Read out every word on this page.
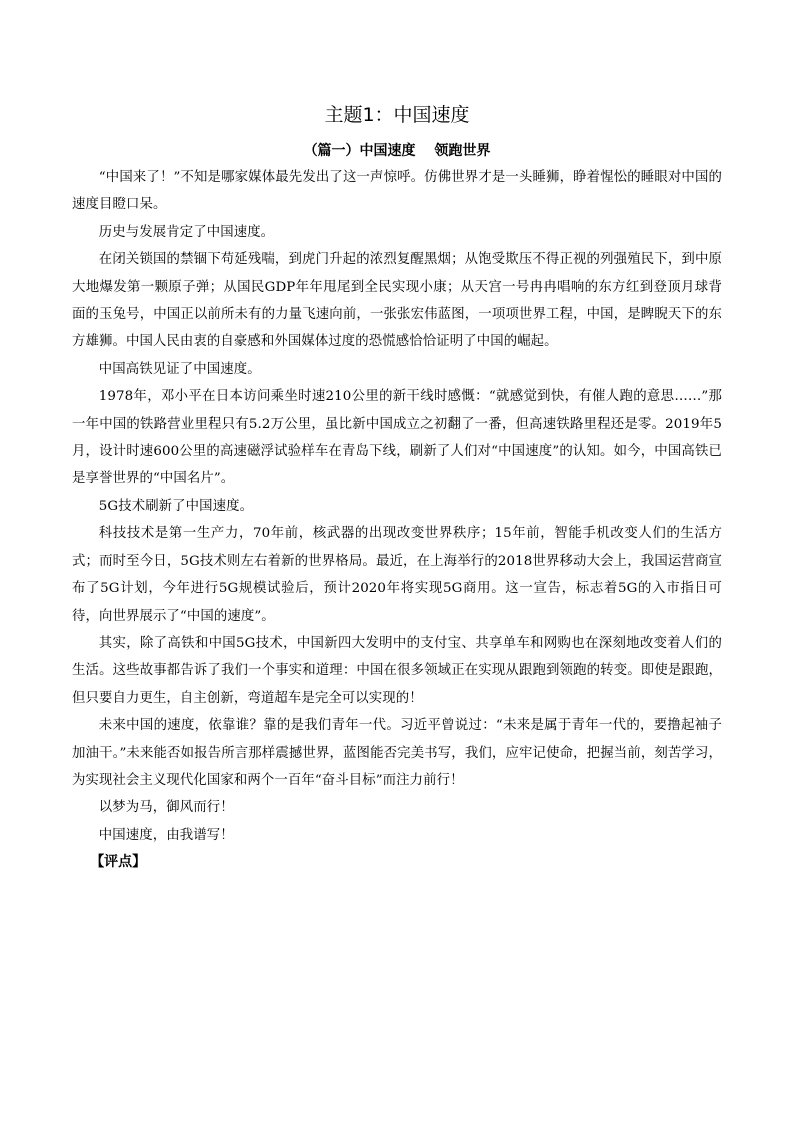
主题1：中国速度
（篇一）中国速度　 领跑世界

“中国来了！”不知是哪家媒体最先发出了这一声惊呼。仿佛世界才是一头睡狮，睁着惺忪的睡眼对中国的速度目瞪口呆。

历史与发展肯定了中国速度。

在闭关锁国的禁锢下苟延残喘，到虎门升起的浓烈复醒黑烟；从饱受欺压不得正视的列强殖民下，到中原大地爆发第一颗原子弹；从国民GDP年年甩尾到全民实现小康；从天宫一号冉冉唱响的东方红到登顶月球背面的玉兔号，中国正以前所未有的力量飞速向前，一张张宏伟蓝图，一项项世界工程，中国，是睥睨天下的东方雄狮。中国人民由衷的自豪感和外国媒体过度的恐慌感恰恰证明了中国的崛起。

中国高铁见证了中国速度。

1978年，邓小平在日本访问乘坐时速210公里的新干线时感慨：“就感觉到快，有催人跑的意思……”那一年中国的铁路营业里程只有5.2万公里，虽比新中国成立之初翻了一番，但高速铁路里程还是零。2019年5月，设计时速600公里的高速磁浮试验样车在青岛下线，刷新了人们对“中国速度”的认知。如今，中国高铁已是享誉世界的“中国名片”。

5G技术刷新了中国速度。

科技技术是第一生产力，70年前，核武器的出现改变世界秩序；15年前，智能手机改变人们的生活方式；而时至今日，5G技术则左右着新的世界格局。最近，在上海举行的2018世界移动大会上，我国运营商宣布了5G计划，今年进行5G规模试验后，预计2020年将实现5G商用。这一宣告，标志着5G的入市指日可待，向世界展示了“中国的速度”。

其实，除了高铁和中国5G技术，中国新四大发明中的支付宝、共享单车和网购也在深刻地改变着人们的生活。这些故事都告诉了我们一个事实和道理：中国在很多领域正在实现从跟跑到领跑的转变。即使是跟跑，但只要自力更生，自主创新，弯道超车是完全可以实现的！

未来中国的速度，依靠谁？靠的是我们青年一代。习近平曾说过：“未来是属于青年一代的，要撸起袖子加油干。”未来能否如报告所言那样震撼世界，蓝图能否完美书写，我们，应牢记使命，把握当前，刻苦学习，为实现社会主义现代化国家和两个一百年“奋斗目标”而注力前行！

以梦为马，御风而行！

中国速度，由我谱写！

【评点】
